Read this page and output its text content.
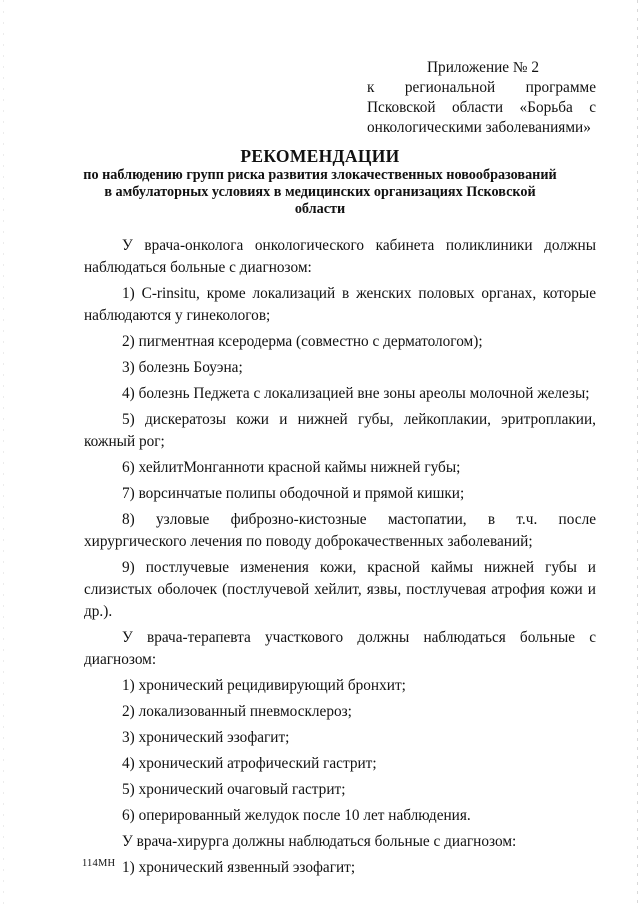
Приложение № 2
к региональной программе Псковской области «Борьба с онкологическими заболеваниями»
РЕКОМЕНДАЦИИ
по наблюдению групп риска развития злокачественных новообразований в амбулаторных условиях в медицинских организациях Псковской области

У врача-онколога онкологического кабинета поликлиники должны наблюдаться больные с диагнозом:

1) C-rinsitu, кроме локализаций в женских половых органах, которые наблюдаются у гинекологов;

2) пигментная ксеродерма (совместно с дерматологом);

3) болезнь Боуэна;

4) болезнь Педжета с локализацией вне зоны ареолы молочной железы;

5) дискератозы кожи и нижней губы, лейкоплакии, эритроплакии, кожный рог;

6) хейлитМонганноти красной каймы нижней губы;

7) ворсинчатые полипы ободочной и прямой кишки;

8) узловые фиброзно-кистозные мастопатии, в т.ч. после хирургического лечения по поводу доброкачественных заболеваний;

9) постлучевые изменения кожи, красной каймы нижней губы и слизистых оболочек (постлучевой хейлит, язвы, постлучевая атрофия кожи и др.).

У врача-терапевта участкового должны наблюдаться больные с диагнозом:

1) хронический рецидивирующий бронхит;

2) локализованный пневмосклероз;

3) хронический эзофагит;

4) хронический атрофический гастрит;

5) хронический очаговый гастрит;

6) оперированный желудок после 10 лет наблюдения.

У врача-хирурга должны наблюдаться больные с диагнозом:

1) хронический язвенный эзофагит;

114МН
